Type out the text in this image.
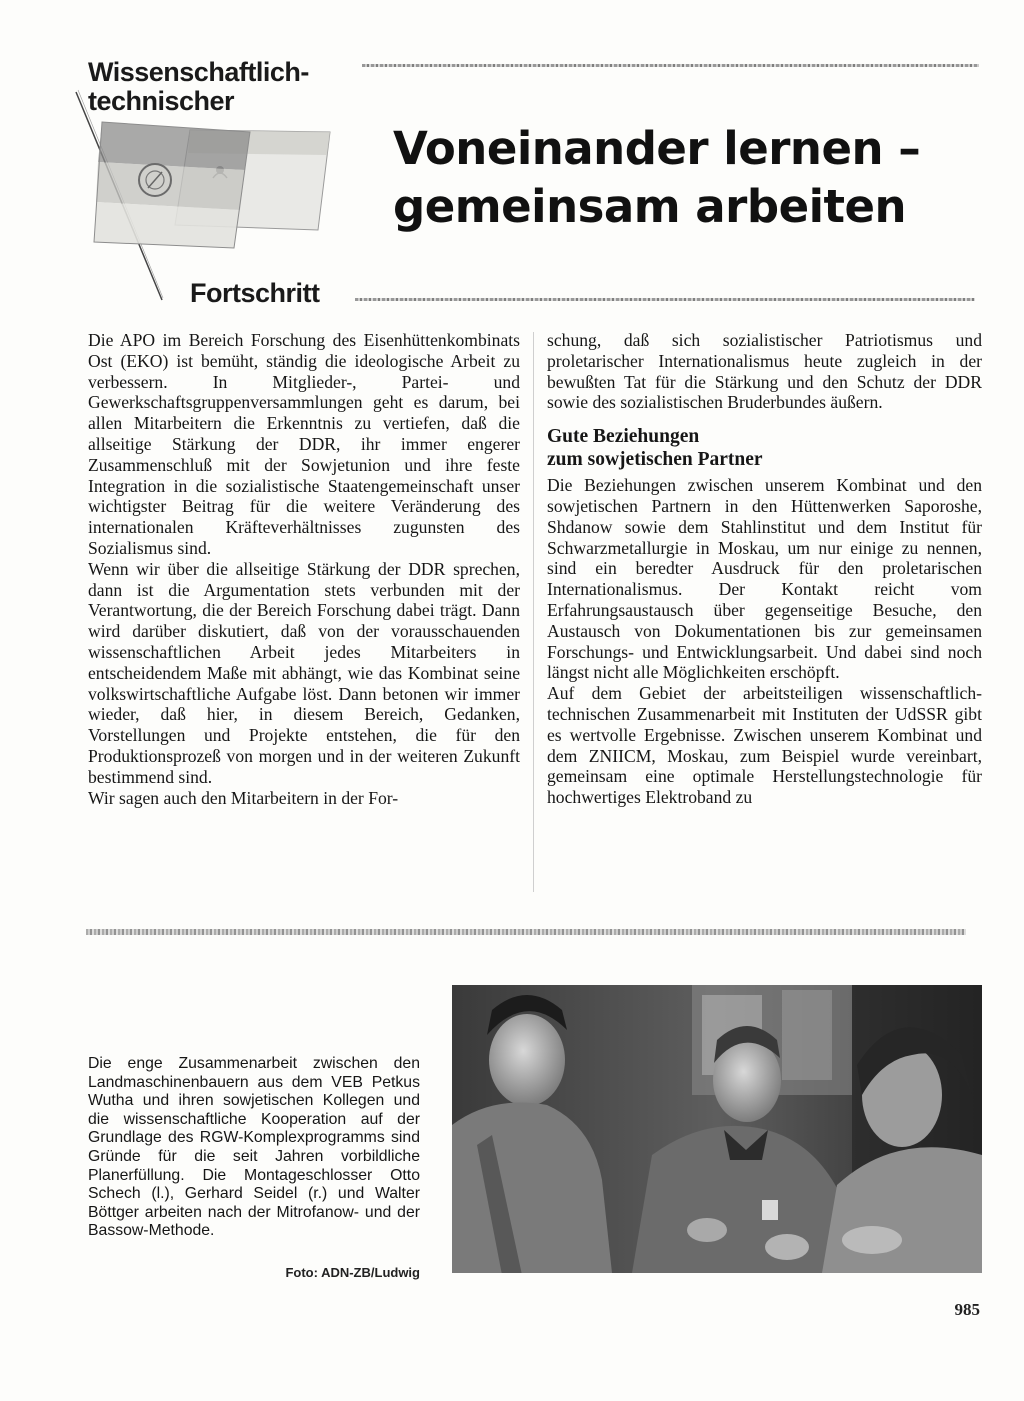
Wissenschaftlich-
technischer
Fortschritt
Voneinander lernen –
gemeinsam arbeiten

Die APO im Bereich Forschung des Eisenhüttenkombinats Ost (EKO) ist bemüht, ständig die ideologische Arbeit zu verbessern. In Mitglieder-, Partei- und Gewerkschaftsgruppenversammlungen geht es darum, bei allen Mitarbeitern die Erkenntnis zu vertiefen, daß die allseitige Stärkung der DDR, ihr immer engerer Zusammenschluß mit der Sowjetunion und ihre feste Integration in die sozialistische Staatengemeinschaft unser wichtigster Beitrag für die weitere Veränderung des internationalen Kräfteverhältnisses zugunsten des Sozialismus sind.

Wenn wir über die allseitige Stärkung der DDR sprechen, dann ist die Argumentation stets verbunden mit der Verantwortung, die der Bereich Forschung dabei trägt. Dann wird darüber diskutiert, daß von der vorausschauenden wissenschaftlichen Arbeit jedes Mitarbeiters in entscheidendem Maße mit abhängt, wie das Kombinat seine volkswirtschaftliche Aufgabe löst. Dann betonen wir immer wieder, daß hier, in diesem Bereich, Gedanken, Vorstellungen und Projekte entstehen, die für den Produktionsprozeß von morgen und in der weiteren Zukunft bestimmend sind.

Wir sagen auch den Mitarbeitern in der For-

schung, daß sich sozialistischer Patriotismus und proletarischer Internationalismus heute zugleich in der bewußten Tat für die Stärkung und den Schutz der DDR sowie des sozialistischen Bruderbundes äußern.

Gute Beziehungen
zum sowjetischen Partner

Die Beziehungen zwischen unserem Kombinat und den sowjetischen Partnern in den Hüttenwerken Saporoshe, Shdanow sowie dem Stahlinstitut und dem Institut für Schwarzmetallurgie in Moskau, um nur einige zu nennen, sind ein beredter Ausdruck für den proletarischen Internationalismus. Der Kontakt reicht vom Erfahrungsaustausch über gegenseitige Besuche, den Austausch von Dokumentationen bis zur gemeinsamen Forschungs- und Entwicklungsarbeit. Und dabei sind noch längst nicht alle Möglichkeiten erschöpft.

Auf dem Gebiet der arbeitsteiligen wissenschaftlich-technischen Zusammenarbeit mit Instituten der UdSSR gibt es wertvolle Ergebnisse. Zwischen unserem Kombinat und dem ZNIICM, Moskau, zum Beispiel wurde vereinbart, gemeinsam eine optimale Herstellungstechnologie für hochwertiges Elektroband zu

Die enge Zusammenarbeit zwischen den Landmaschinenbauern aus dem VEB Petkus Wutha und ihren sowjetischen Kollegen und die wissenschaftliche Kooperation auf der Grundlage des RGW-Komplexprogramms sind Gründe für die seit Jahren vorbildliche Planerfüllung. Die Montageschlosser Otto Schech (l.), Gerhard Seidel (r.) und Walter Böttger arbeiten nach der Mitrofanow- und der Bassow-Methode.
Foto: ADN-ZB/Ludwig
985
